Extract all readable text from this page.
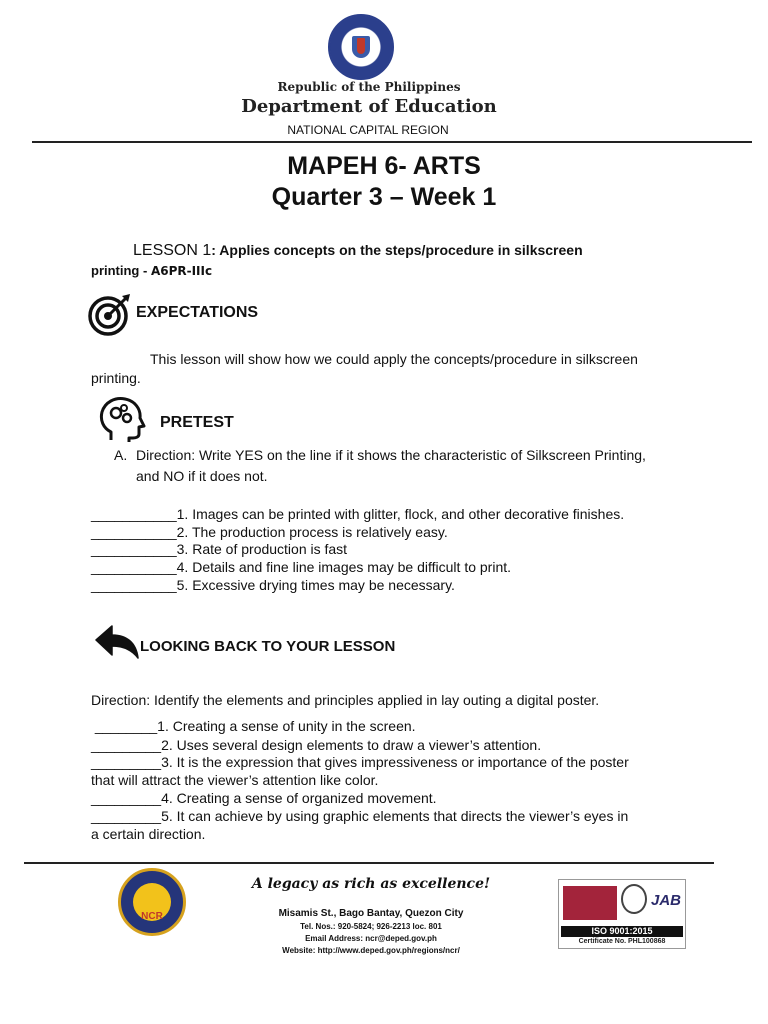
Republic of the Philippines
Department of Education
NATIONAL CAPITAL REGION
MAPEH 6- ARTS
Quarter 3 – Week 1
LESSON 1: Applies concepts on the steps/procedure in silkscreen
printing - A6PR-IIIc
EXPECTATIONS
This lesson will show how we could apply the concepts/procedure in silkscreen
printing.
PRETEST
A. Direction: Write YES on the line if it shows the characteristic of Silkscreen Printing,
and NO if it does not.
___________1. Images can be printed with glitter, flock, and other decorative finishes.
___________2. The production process is relatively easy.
___________3. Rate of production is fast
___________4. Details and fine line images may be difficult to print.
___________5. Excessive drying times may be necessary.
LOOKING BACK TO YOUR LESSON
Direction: Identify the elements and principles applied in lay outing a digital poster.
________1. Creating a sense of unity in the screen.
_________2. Uses several design elements to draw a viewer’s attention.
_________3. It is the expression that gives impressiveness or importance of the poster
that will attract the viewer’s attention like color.
_________4. Creating a sense of organized movement.
_________5. It can achieve by using graphic elements that directs the viewer’s eyes in
a certain direction.
NCR
A legacy as rich as excellence!
Misamis St., Bago Bantay, Quezon City
Tel. Nos.: 920-5824; 926-2213 loc. 801
Email Address: ncr@deped.gov.ph
Website: http://www.deped.gov.ph/regions/ncr/
JAB
ISO 9001:2015
Certificate No. PHL100868
